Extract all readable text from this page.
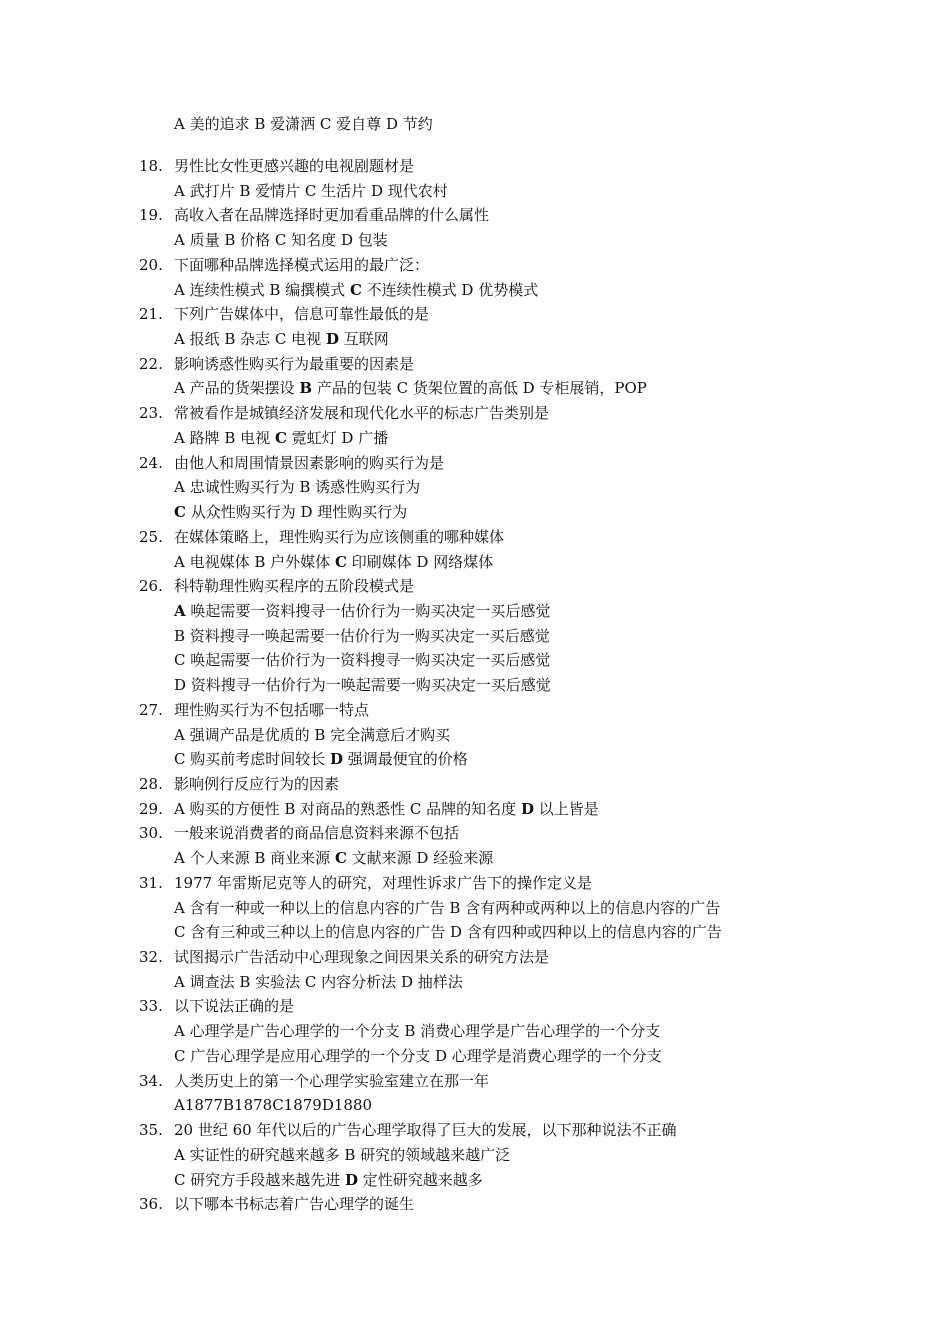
A 美的追求 B 爱潇洒 C 爱自尊 D 节约
18. 男性比女性更感兴趣的电视剧题材是
A 武打片 B 爱情片 C 生活片 D 现代农村
19. 高收入者在品牌选择时更加看重品牌的什么属性
A 质量 B 价格 C 知名度 D 包装
20. 下面哪种品牌选择模式运用的最广泛：
A 连续性模式 B 编撰模式 C 不连续性模式 D 优势模式
21. 下列广告媒体中，信息可靠性最低的是
A 报纸 B 杂志 C 电视 D 互联网
22. 影响诱惑性购买行为最重要的因素是
A 产品的货架摆设 B 产品的包装 C 货架位置的高低 D 专柜展销，POP
23. 常被看作是城镇经济发展和现代化水平的标志广告类别是
A 路牌 B 电视 C 霓虹灯 D 广播
24. 由他人和周围情景因素影响的购买行为是
A 忠诚性购买行为 B 诱惑性购买行为
C 从众性购买行为 D 理性购买行为
25. 在媒体策略上，理性购买行为应该侧重的哪种媒体
A 电视媒体 B 户外媒体 C 印刷媒体 D 网络煤体
26. 科特勒理性购买程序的五阶段模式是
A 唤起需要一资料搜寻一估价行为一购买决定一买后感觉
B 资料搜寻一唤起需要一估价行为一购买决定一买后感觉
C 唤起需要一估价行为一资料搜寻一购买决定一买后感觉
D 资料搜寻一估价行为一唤起需要一购买决定一买后感觉
27. 理性购买行为不包括哪一特点
A 强调产品是优质的 B 完全满意后才购买
C 购买前考虑时间较长 D 强调最便宜的价格
28. 影响例行反应行为的因素
29. A 购买的方便性 B 对商品的熟悉性 C 品牌的知名度 D 以上皆是
30. 一般来说消费者的商品信息资料来源不包括
A 个人来源 B 商业来源 C 文献来源 D 经验来源
31. 1977 年雷斯尼克等人的研究，对理性诉求广告下的操作定义是
A 含有一种或一种以上的信息内容的广告 B 含有两种或两种以上的信息内容的广告
C 含有三种或三种以上的信息内容的广告 D 含有四种或四种以上的信息内容的广告
32. 试图揭示广告活动中心理现象之间因果关系的研究方法是
A 调查法 B 实验法 C 内容分析法 D 抽样法
33. 以下说法正确的是
A 心理学是广告心理学的一个分支 B 消费心理学是广告心理学的一个分支
C 广告心理学是应用心理学的一个分支 D 心理学是消费心理学的一个分支
34. 人类历史上的第一个心理学实验室建立在那一年
A1877B1878C1879D1880
35. 20 世纪 60 年代以后的广告心理学取得了巨大的发展，以下那种说法不正确
A 实证性的研究越来越多 B 研究的领域越来越广泛
C 研究方手段越来越先进 D 定性研究越来越多
36. 以下哪本书标志着广告心理学的诞生
